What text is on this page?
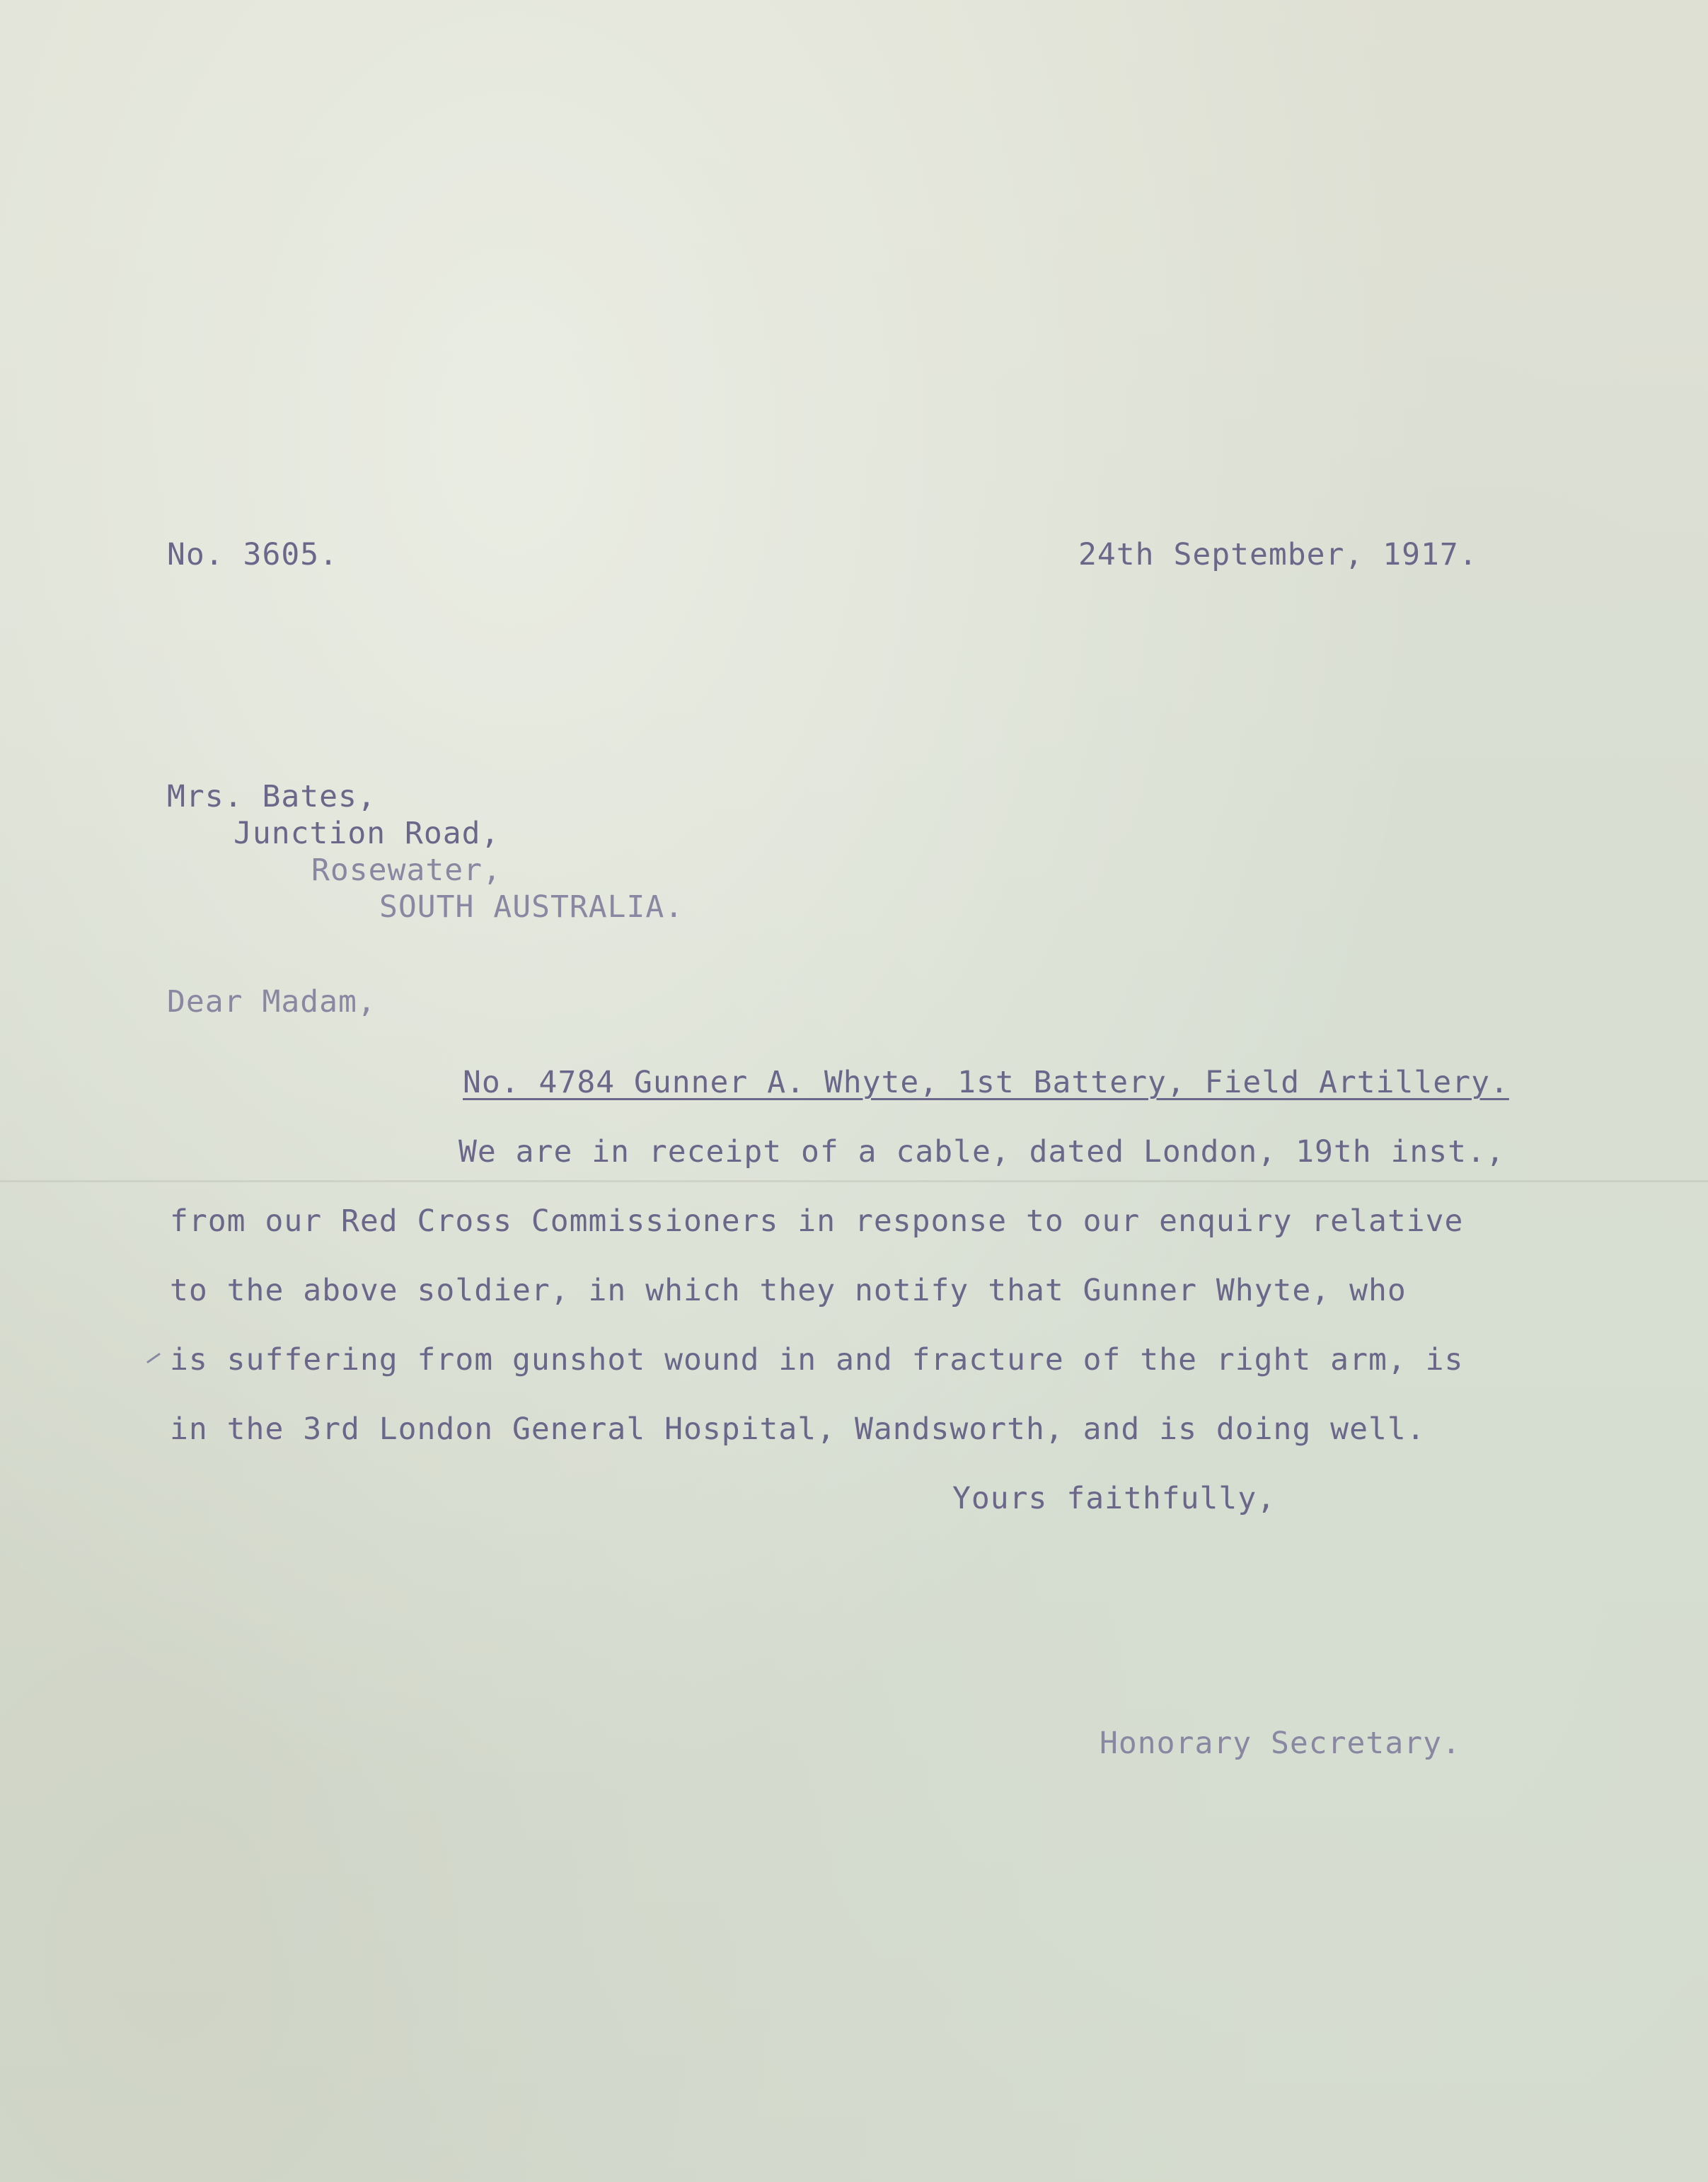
No. 3605.	24th September, 1917.
Mrs. Bates,
Junction Road,
Rosewater,
SOUTH AUSTRALIA.
Dear Madam,
No. 4784 Gunner A. Whyte, 1st Battery, Field Artillery.
We are in receipt of a cable, dated London, 19th inst.,
from our Red Cross Commissioners in response to our enquiry relative
to the above soldier, in which they notify that Gunner Whyte, who
is suffering from gunshot wound in and fracture of the right arm, is
in the 3rd London General Hospital, Wandsworth, and is doing well.
Yours faithfully,
Honorary Secretary.
